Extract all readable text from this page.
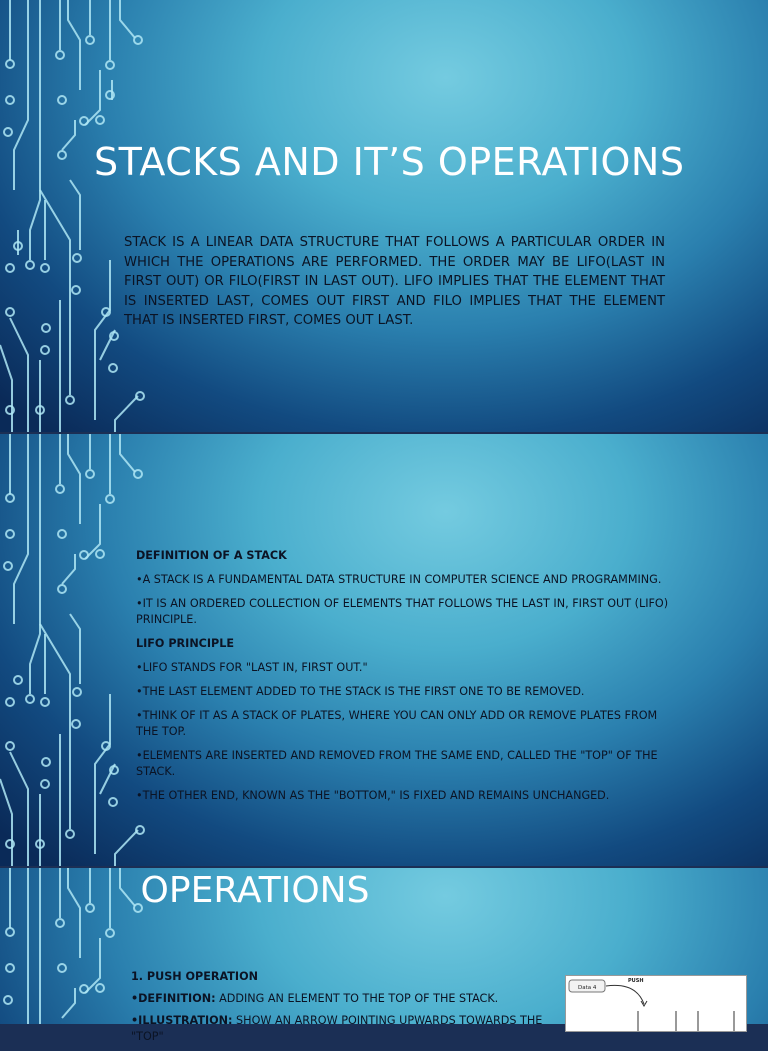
STACKS AND IT’S OPERATIONS
STACK IS A LINEAR DATA STRUCTURE THAT FOLLOWS A PARTICULAR ORDER IN WHICH THE OPERATIONS ARE PERFORMED. THE ORDER MAY BE LIFO(LAST IN FIRST OUT) OR FILO(FIRST IN LAST OUT). LIFO IMPLIES THAT THE ELEMENT THAT IS INSERTED LAST, COMES OUT FIRST AND FILO IMPLIES THAT THE ELEMENT THAT IS INSERTED FIRST, COMES OUT LAST.

DEFINITION OF A STACK

•A STACK IS A FUNDAMENTAL DATA STRUCTURE IN COMPUTER SCIENCE AND PROGRAMMING.

•IT IS AN ORDERED COLLECTION OF ELEMENTS THAT FOLLOWS THE LAST IN, FIRST OUT (LIFO) PRINCIPLE.

LIFO PRINCIPLE

•LIFO STANDS FOR "LAST IN, FIRST OUT."

•THE LAST ELEMENT ADDED TO THE STACK IS THE FIRST ONE TO BE REMOVED.

•THINK OF IT AS A STACK OF PLATES, WHERE YOU CAN ONLY ADD OR REMOVE PLATES FROM THE TOP.

•ELEMENTS ARE INSERTED AND REMOVED FROM THE SAME END, CALLED THE "TOP" OF THE STACK.

•THE OTHER END, KNOWN AS THE "BOTTOM," IS FIXED AND REMAINS UNCHANGED.

OPERATIONS

1. PUSH OPERATION

•DEFINITION: ADDING AN ELEMENT TO THE TOP OF THE STACK.

•ILLUSTRATION: SHOW AN ARROW POINTING UPWARDS TOWARDS THE "TOP"

Data 4
PUSH
